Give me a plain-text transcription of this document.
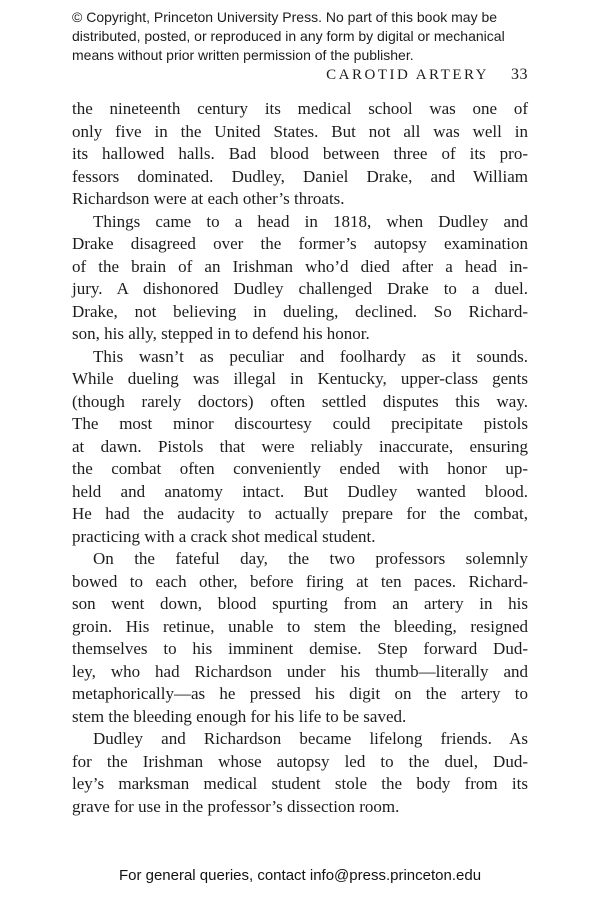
© Copyright, Princeton University Press. No part of this book may be
distributed, posted, or reproduced in any form by digital or mechanical
means without prior written permission of the publisher.
CAROTID ARTERY 33
the nineteenth century its medical school was one of
only five in the United States. But not all was well in
its hallowed halls. Bad blood between three of its pro-
fessors dominated. Dudley, Daniel Drake, and William
Richardson were at each other’s throats.
Things came to a head in 1818, when Dudley and
Drake disagreed over the former’s autopsy examination
of the brain of an Irishman who’d died after a head in-
jury. A dishonored Dudley challenged Drake to a duel.
Drake, not believing in dueling, declined. So Richard-
son, his ally, stepped in to defend his honor.
This wasn’t as peculiar and foolhardy as it sounds.
While dueling was illegal in Kentucky, upper-class gents
(though rarely doctors) often settled disputes this way.
The most minor discourtesy could precipitate pistols
at dawn. Pistols that were reliably inaccurate, ensuring
the combat often conveniently ended with honor up-
held and anatomy intact. But Dudley wanted blood.
He had the audacity to actually prepare for the combat,
practicing with a crack shot medical student.
On the fateful day, the two professors solemnly
bowed to each other, before firing at ten paces. Richard-
son went down, blood spurting from an artery in his
groin. His retinue, unable to stem the bleeding, resigned
themselves to his imminent demise. Step forward Dud-
ley, who had Richardson under his thumb—literally and
metaphorically—as he pressed his digit on the artery to
stem the bleeding enough for his life to be saved.
Dudley and Richardson became lifelong friends. As
for the Irishman whose autopsy led to the duel, Dud-
ley’s marksman medical student stole the body from its
grave for use in the professor’s dissection room.
For general queries, contact info@press.princeton.edu
